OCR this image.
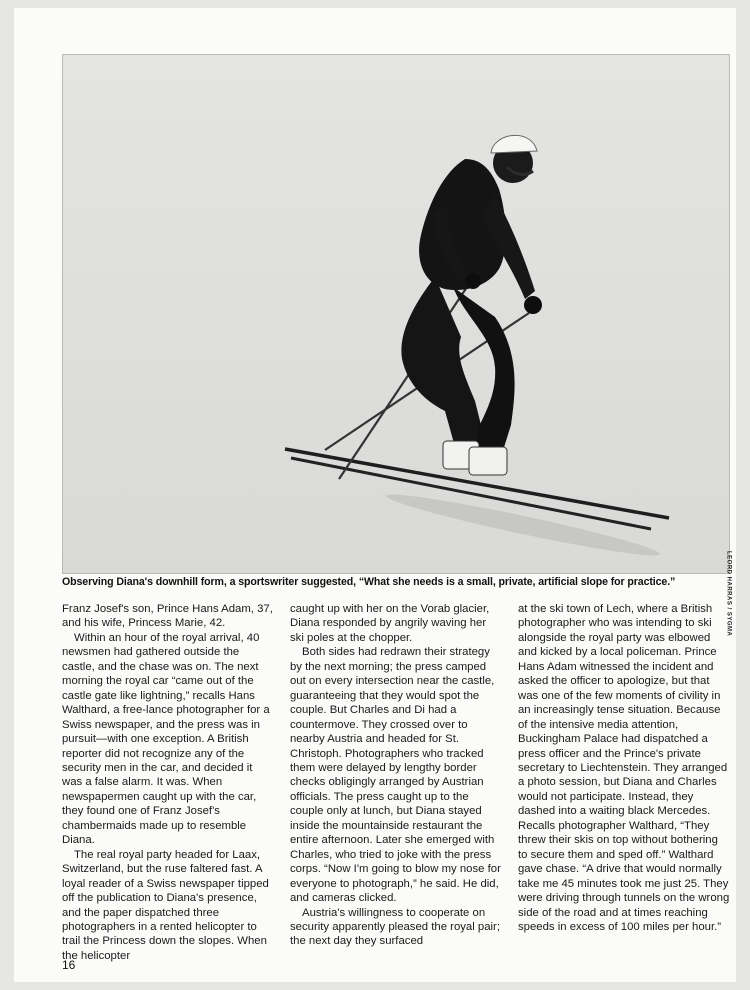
LEORD HARRAS / SYGMA
Observing Diana's downhill form, a sportswriter suggested, “What she needs is a small, private, artificial slope for practice.”

Franz Josef's son, Prince Hans Adam, 37, and his wife, Princess Marie, 42.

Within an hour of the royal arrival, 40 newsmen had gathered outside the castle, and the chase was on. The next morning the royal car “came out of the castle gate like lightning,” recalls Hans Walthard, a free-lance photographer for a Swiss newspaper, and the press was in pursuit—with one exception. A British reporter did not recognize any of the security men in the car, and decided it was a false alarm. It was. When newspapermen caught up with the car, they found one of Franz Josef's chambermaids made up to resemble Diana.

The real royal party headed for Laax, Switzerland, but the ruse faltered fast. A loyal reader of a Swiss newspaper tipped off the publication to Diana's presence, and the paper dispatched three photographers in a rented helicopter to trail the Princess down the slopes. When the helicopter

caught up with her on the Vorab glacier, Diana responded by angrily waving her ski poles at the chopper.

Both sides had redrawn their strategy by the next morning; the press camped out on every intersection near the castle, guaranteeing that they would spot the couple. But Charles and Di had a countermove. They crossed over to nearby Austria and headed for St. Christoph. Photographers who tracked them were delayed by lengthy border checks obligingly arranged by Austrian officials. The press caught up to the couple only at lunch, but Diana stayed inside the mountainside restaurant the entire afternoon. Later she emerged with Charles, who tried to joke with the press corps. “Now I'm going to blow my nose for everyone to photograph,” he said. He did, and cameras clicked.

Austria's willingness to cooperate on security apparently pleased the royal pair; the next day they surfaced

at the ski town of Lech, where a British photographer who was intending to ski alongside the royal party was elbowed and kicked by a local policeman. Prince Hans Adam witnessed the incident and asked the officer to apologize, but that was one of the few moments of civility in an increasingly tense situation. Because of the intensive media attention, Buckingham Palace had dispatched a press officer and the Prince's private secretary to Liechtenstein. They arranged a photo session, but Diana and Charles would not participate. Instead, they dashed into a waiting black Mercedes. Recalls photographer Walthard, “They threw their skis on top without bothering to secure them and sped off.” Walthard gave chase. “A drive that would normally take me 45 minutes took me just 25. They were driving through tunnels on the wrong side of the road and at times reaching speeds in excess of 100 miles per hour.”

16
